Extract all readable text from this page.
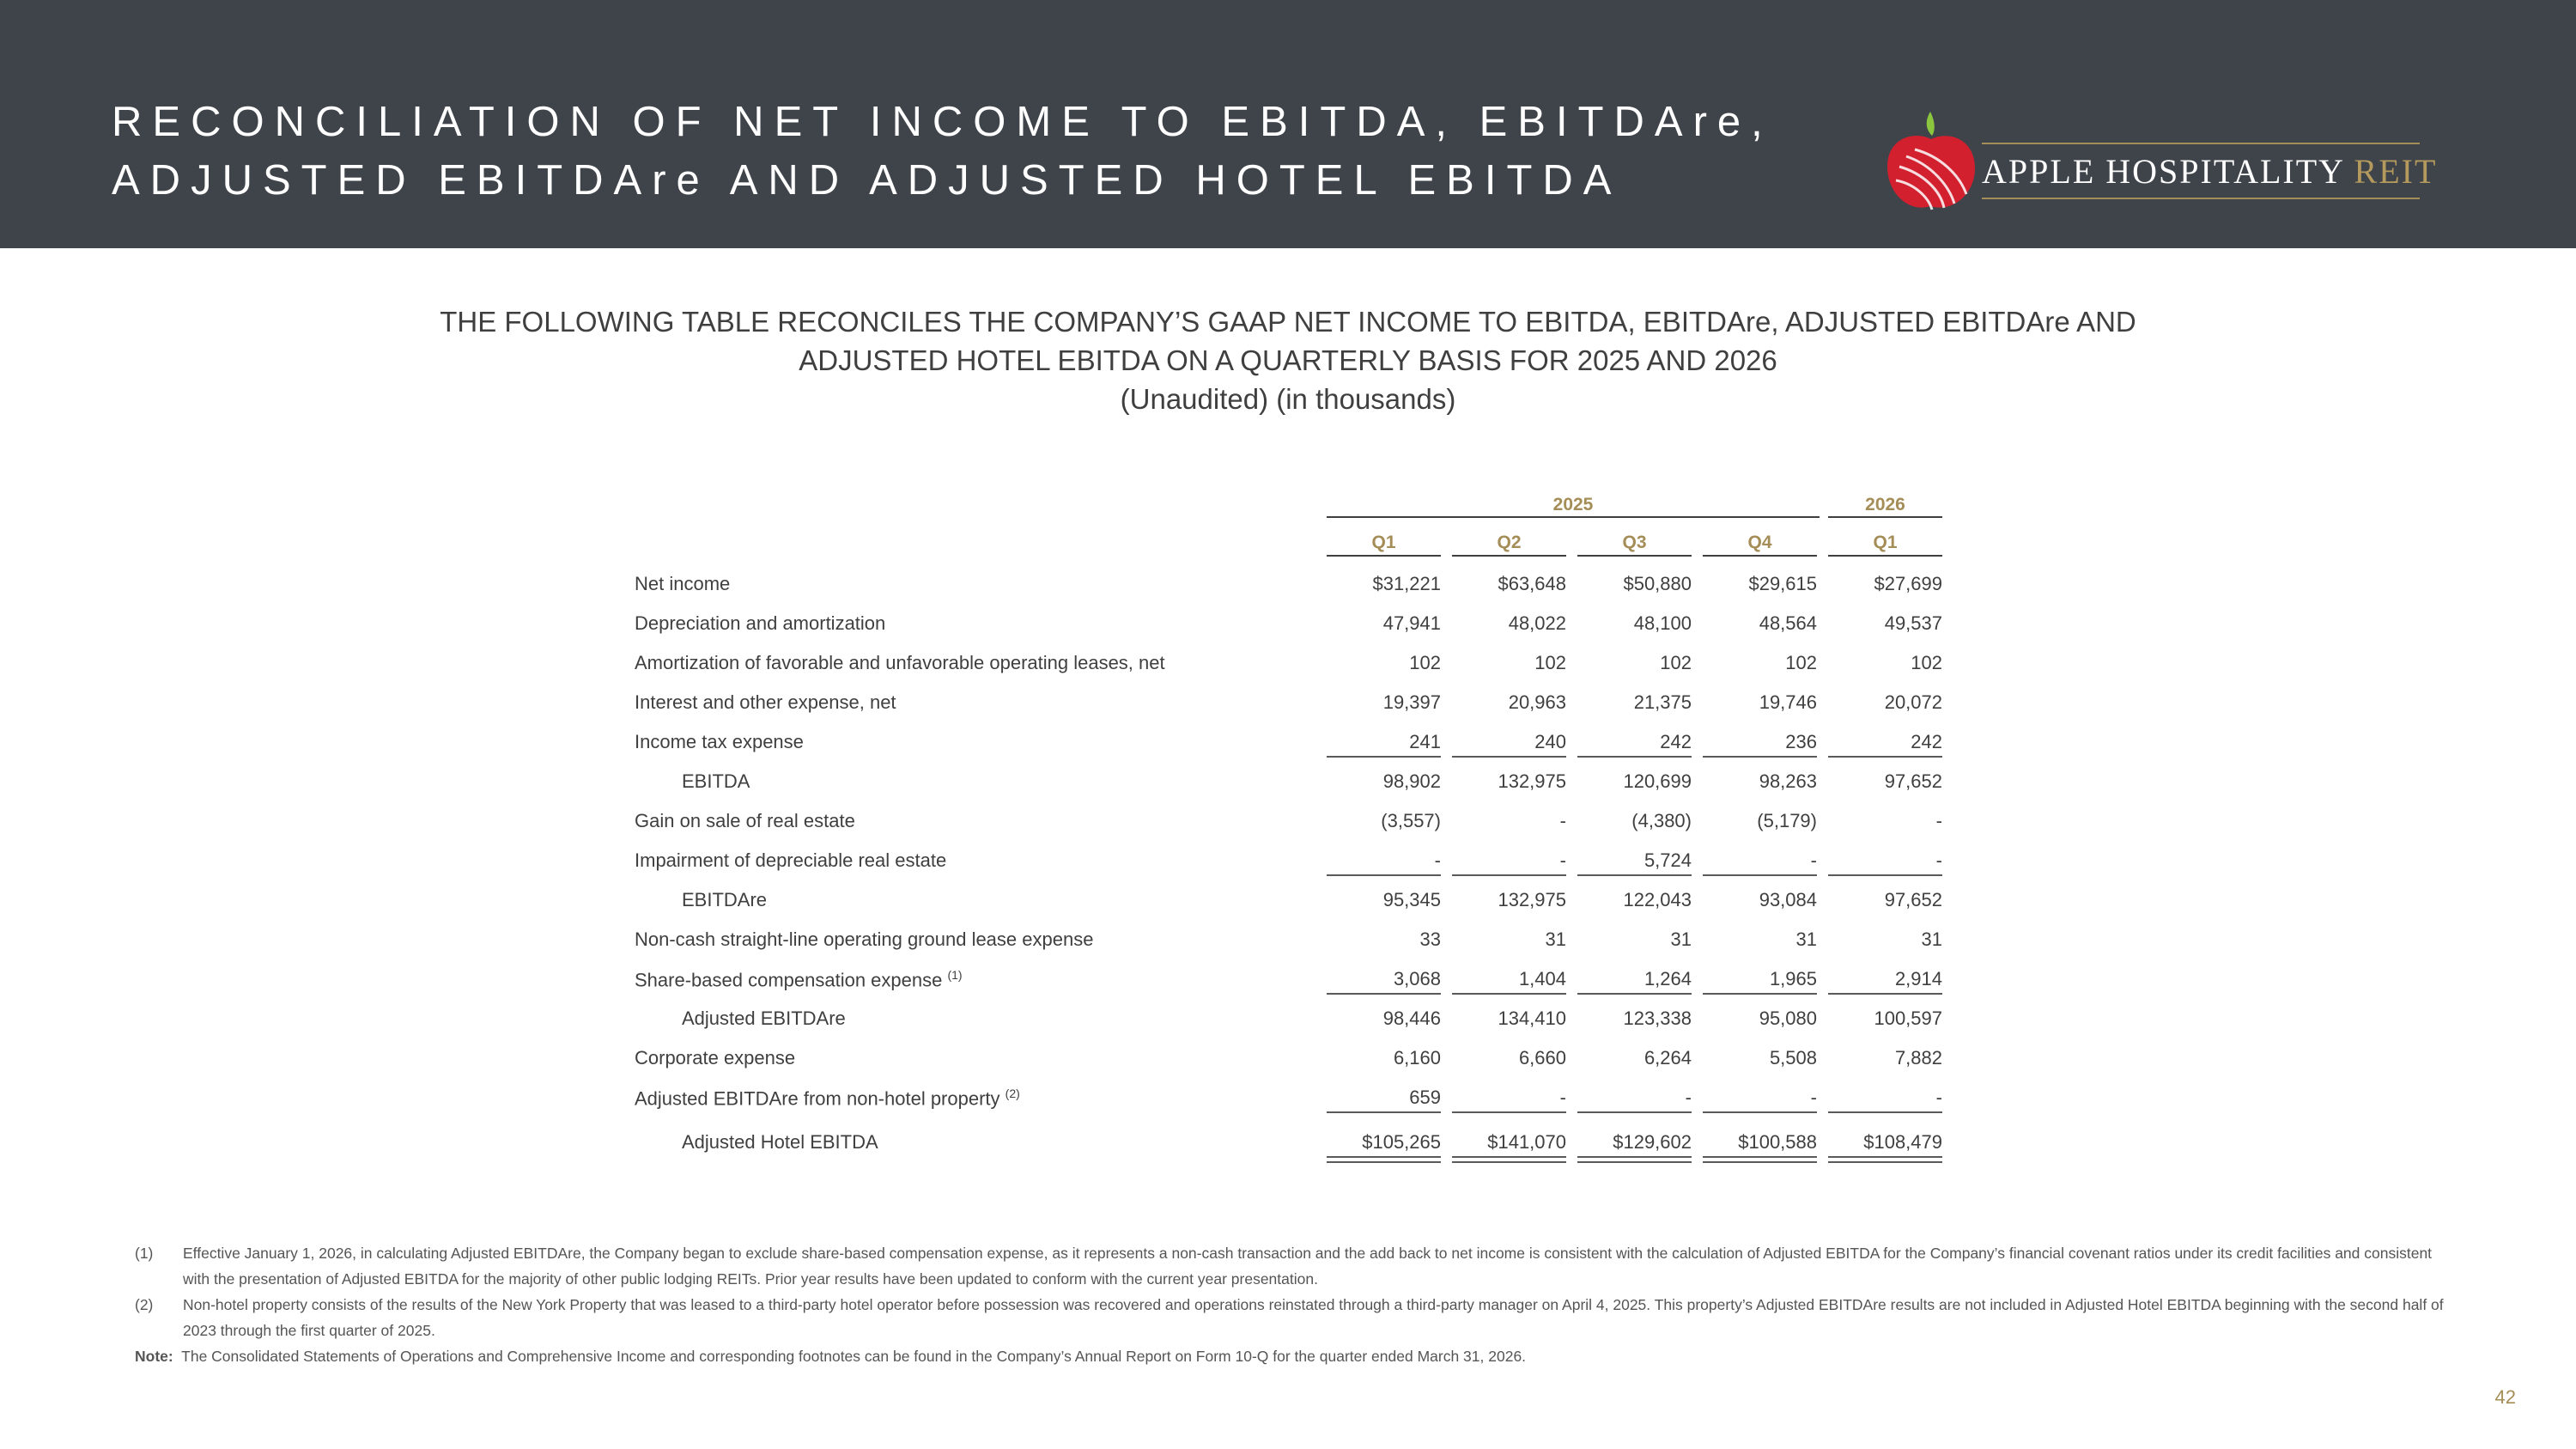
RECONCILIATION OF NET INCOME TO EBITDA, EBITDAre,
ADJUSTED EBITDAre AND ADJUSTED HOTEL EBITDA	APPLE HOSPITALITY REIT
THE FOLLOWING TABLE RECONCILES THE COMPANY’S GAAP NET INCOME TO EBITDA, EBITDAre, ADJUSTED EBITDAre AND
ADJUSTED HOTEL EBITDA ON A QUARTERLY BASIS FOR 2025 AND 2026
(Unaudited) (in thousands)
2025	2026
Q1	Q2	Q3	Q4	Q1
Net income	$31,221	$63,648	$50,880	$29,615	$27,699
Depreciation and amortization	47,941	48,022	48,100	48,564	49,537
Amortization of favorable and unfavorable operating leases, net	102	102	102	102	102
Interest and other expense, net	19,397	20,963	21,375	19,746	20,072
Income tax expense	241	240	242	236	242
EBITDA	98,902	132,975	120,699	98,263	97,652
Gain on sale of real estate	(3,557)	-	(4,380)	(5,179)	-
Impairment of depreciable real estate	-	-	5,724	-	-
EBITDAre	95,345	132,975	122,043	93,084	97,652
Non-cash straight-line operating ground lease expense	33	31	31	31	31
Share-based compensation expense $^{(1)}$	3,068	1,404	1,264	1,965	2,914
Adjusted EBITDAre	98,446	134,410	123,338	95,080	100,597
Corporate expense	6,160	6,660	6,264	5,508	7,882
Adjusted EBITDAre from non-hotel property $^{(2)}$	659	-	-	-	-
Adjusted Hotel EBITDA	$105,265	$141,070	$129,602	$100,588	$108,479
(1) Effective January 1, 2026, in calculating Adjusted EBITDAre, the Company began to exclude share-based compensation expense, as it represents a non-cash transaction and the add back to net income is consistent with the calculation of Adjusted EBITDA for the Company’s financial covenant ratios under its credit facilities and consistent with the presentation of Adjusted EBITDA for the majority of other public lodging REITs. Prior year results have been updated to conform with the current year presentation.
(2) Non-hotel property consists of the results of the New York Property that was leased to a third-party hotel operator before possession was recovered and operations reinstated through a third-party manager on April 4, 2025. This property’s Adjusted EBITDAre results are not included in Adjusted Hotel EBITDA beginning with the second half of 2023 through the first quarter of 2025.
Note: The Consolidated Statements of Operations and Comprehensive Income and corresponding footnotes can be found in the Company’s Annual Report on Form 10-Q for the quarter ended March 31, 2026.
42
